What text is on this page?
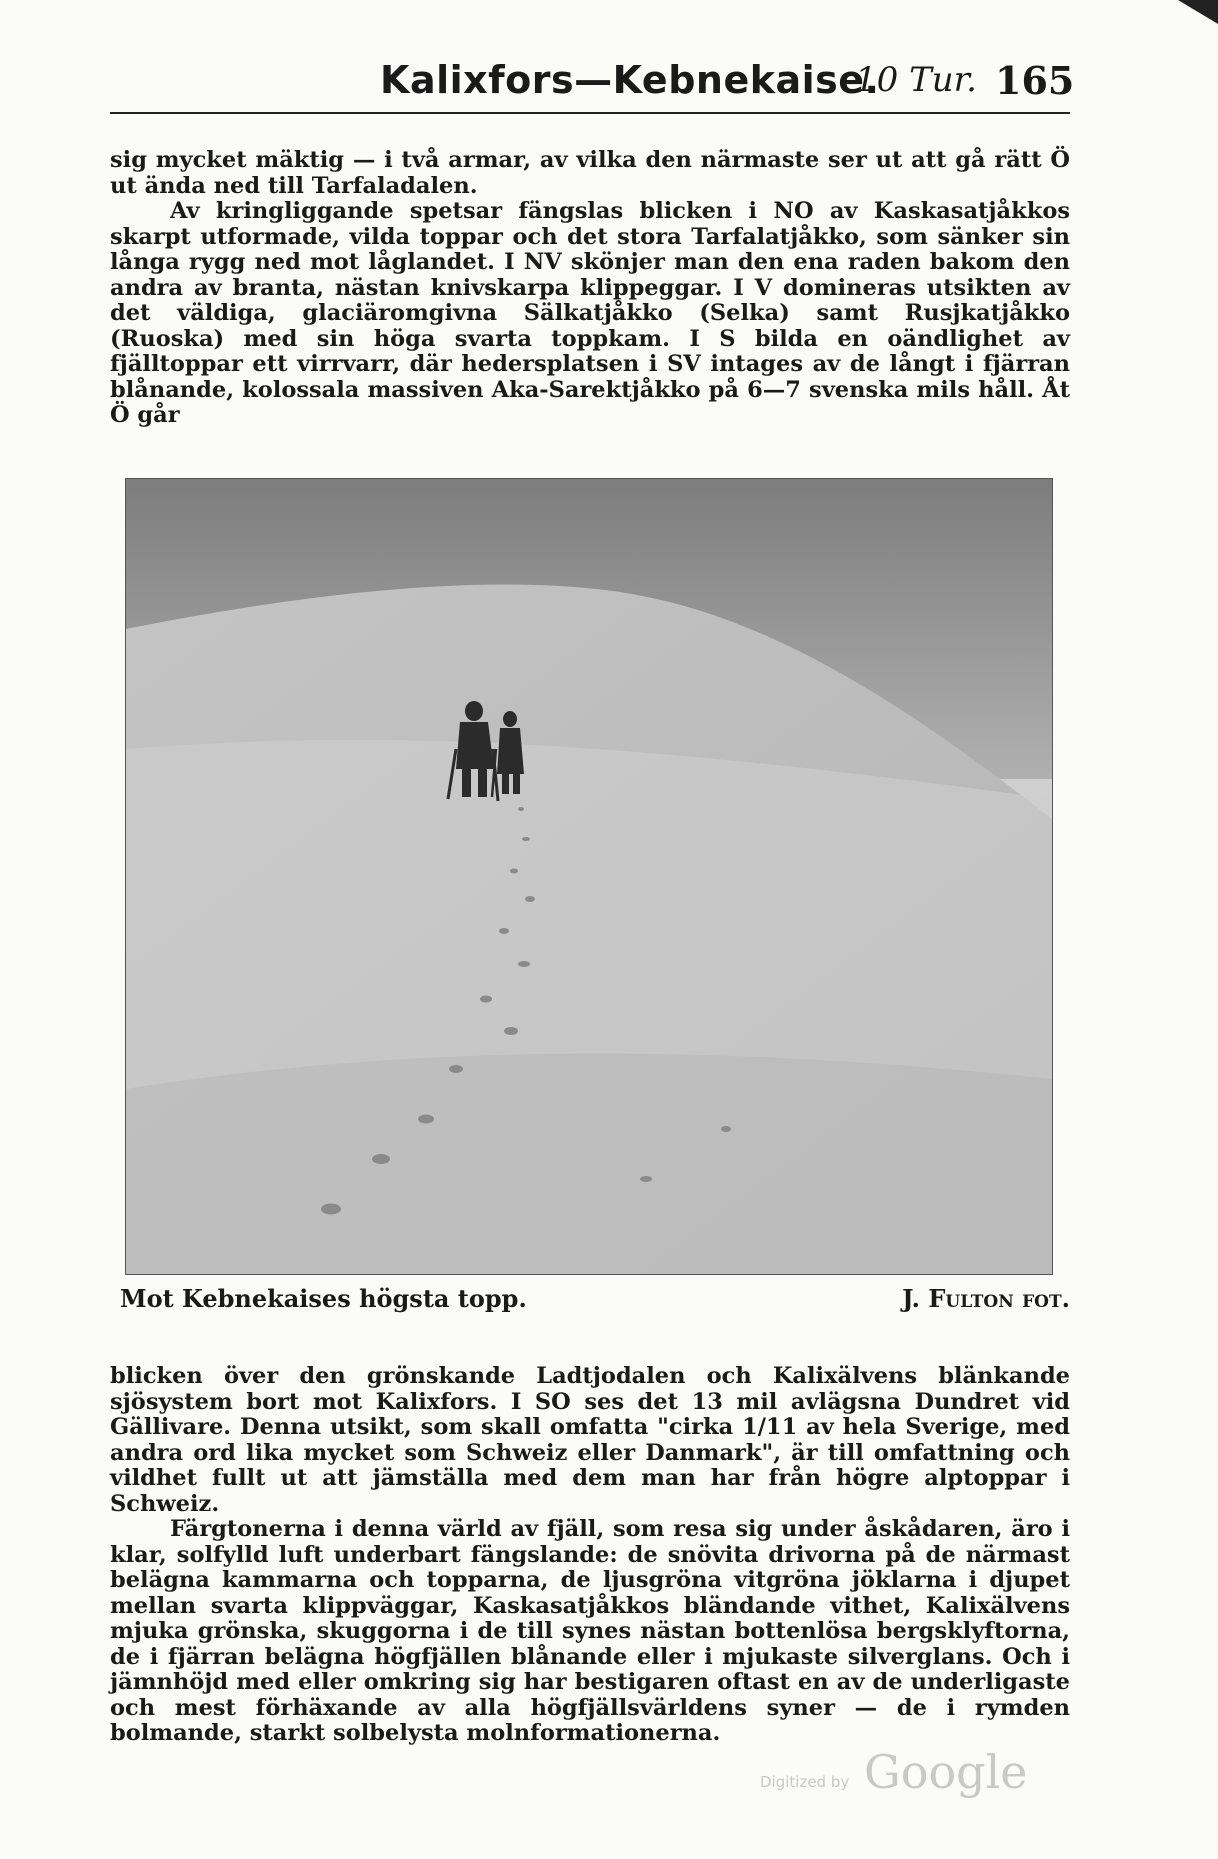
Kalixfors—Kebnekaise.
10 Tur. 165

sig mycket mäktig — i två armar, av vilka den närmaste ser ut att gå rätt Ö ut ända ned till Tarfaladalen.

Av kringliggande spetsar fängslas blicken i NO av Kaskasatjåkkos skarpt utformade, vilda toppar och det stora Tarfalatjåkko, som sänker sin långa rygg ned mot låglandet. I NV skönjer man den ena raden bakom den andra av branta, nästan knivskarpa klippeggar. I V domineras utsikten av det väldiga, glaciäromgivna Sälkatjåkko (Selka) samt Rusjkatjåkko (Ruoska) med sin höga svarta toppkam. I S bilda en oändlighet av fjälltoppar ett virrvarr, där hedersplatsen i SV intages av de långt i fjärran blånande, kolossala massiven Aka-Sarektjåkko på 6—7 svenska mils håll. Åt Ö går

Mot Kebnekaises högsta topp.	J. Fulton fot.

blicken över den grönskande Ladtjodalen och Kalixälvens blänkande sjösystem bort mot Kalixfors. I SO ses det 13 mil avlägsna Dundret vid Gällivare. Denna utsikt, som skall omfatta "cirka 1/11 av hela Sverige, med andra ord lika mycket som Schweiz eller Danmark", är till omfattning och vildhet fullt ut att jämställa med dem man har från högre alptoppar i Schweiz.

Färgtonerna i denna värld av fjäll, som resa sig under åskådaren, äro i klar, solfylld luft underbart fängslande: de snövita drivorna på de närmast belägna kammarna och topparna, de ljusgröna vitgröna jöklarna i djupet mellan svarta klippväggar, Kaskasatjåkkos bländande vithet, Kalixälvens mjuka grönska, skuggorna i de till synes nästan bottenlösa bergsklyftorna, de i fjärran belägna högfjällen blånande eller i mjukaste silverglans. Och i jämnhöjd med eller omkring sig har bestigaren oftast en av de underligaste och mest förhäxande av alla högfjällsvärldens syner — de i rymden bolmande, starkt solbelysta molnformationerna.

Digitized by Google
